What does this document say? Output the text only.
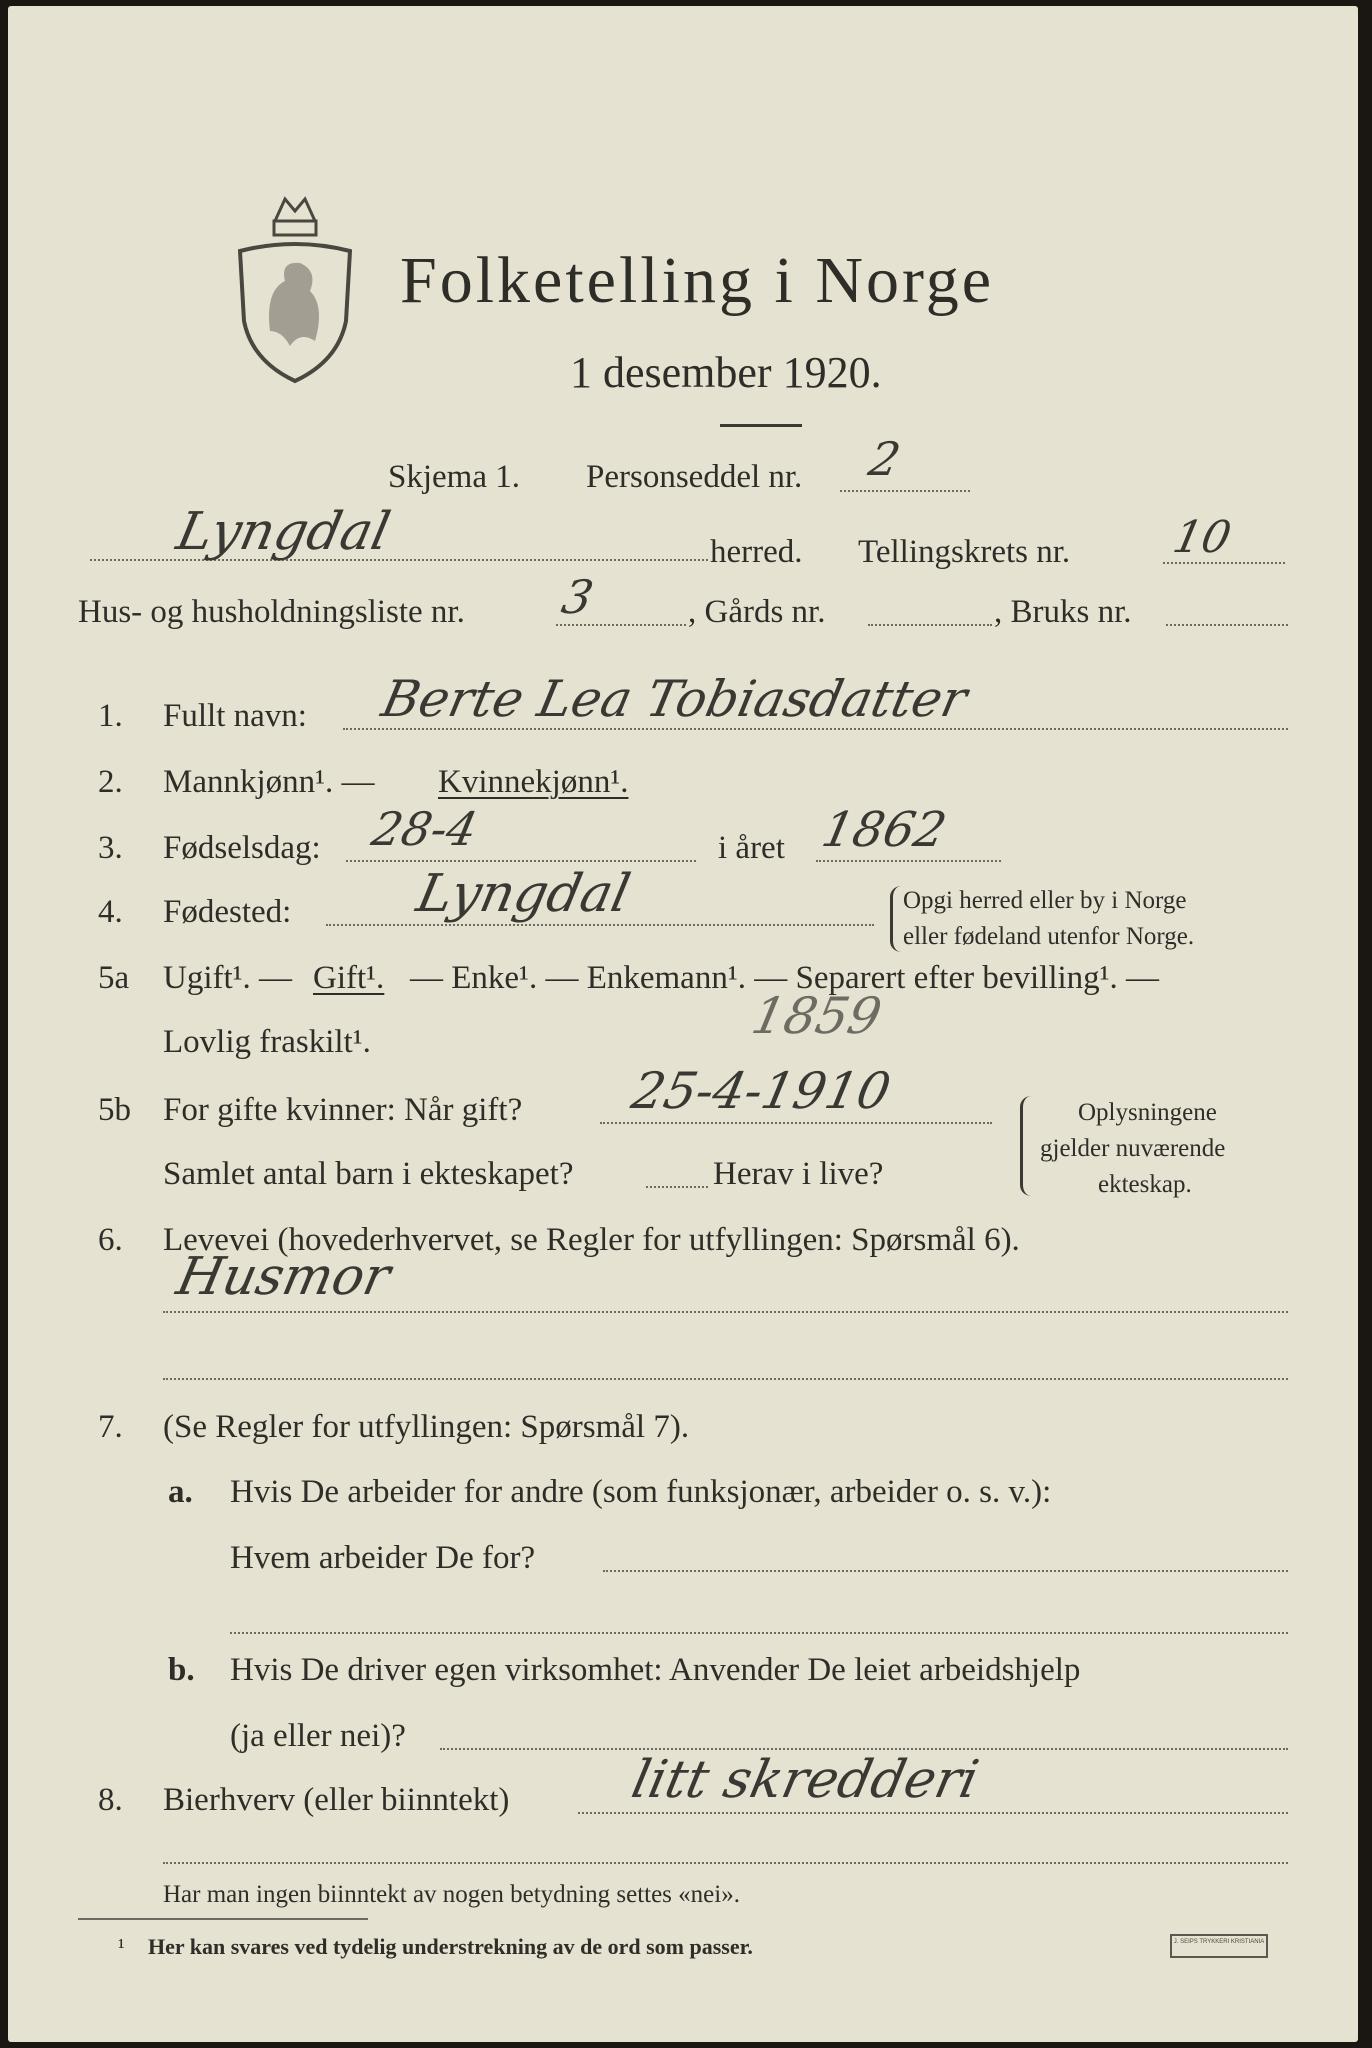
Folketelling i Norge
1 desember 1920.
Skjema 1. Personseddel nr. 2
Lyngdal	herred. Tellingskrets nr. 10
Hus- og husholdningsliste nr. 3	, Gårds nr.	, Bruks nr.
1. Fullt navn: Berte Lea Tobiasdatter
2. Mannkjønn¹. — Kvinnekjønn¹.
3. Fødselsdag: 28-4	i året 1862
4. Fødested: Lyngdal	Opgi herred eller by i Norge
eller fødeland utenfor Norge.
5a Ugift¹. — Gift¹. — Enke¹. — Enkemann¹. — Separert efter bevilling¹. —
Lovlig fraskilt¹.	1859
5b For gifte kvinner: Når gift? 25-4-1910
Samlet antal barn i ekteskapet?	Herav i live?
Oplysningene
gjelder nuværende
ekteskap.
6. Levevei (hovederhvervet, se Regler for utfyllingen: Spørsmål 6).
Husmor
7. (Se Regler for utfyllingen: Spørsmål 7).
a. Hvis De arbeider for andre (som funksjonær, arbeider o. s. v.):
Hvem arbeider De for?
b. Hvis De driver egen virksomhet: Anvender De leiet arbeidshjelp
(ja eller nei)?
8. Bierhverv (eller biinntekt) litt skredderi
Har man ingen biinntekt av nogen betydning settes «nei».
¹ Her kan svares ved tydelig understrekning av de ord som passer.	J. SEIPS TRYKKERI KRISTIANIA
